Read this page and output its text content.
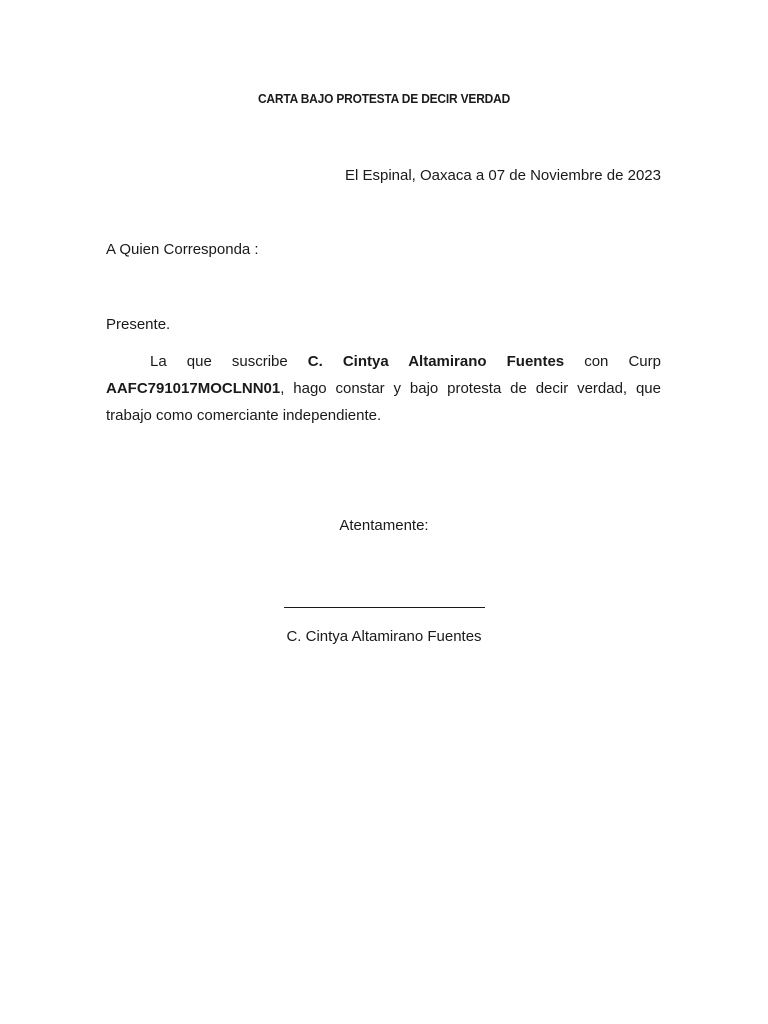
CARTA BAJO PROTESTA DE DECIR VERDAD
El Espinal, Oaxaca a 07 de Noviembre de 2023
A Quien Corresponda :
Presente.

La que suscribe C. Cintya Altamirano Fuentes con Curp AAFC791017MOCLNN01, hago constar y bajo protesta de decir verdad, que trabajo como comerciante independiente.

Atentamente:
C. Cintya Altamirano Fuentes
